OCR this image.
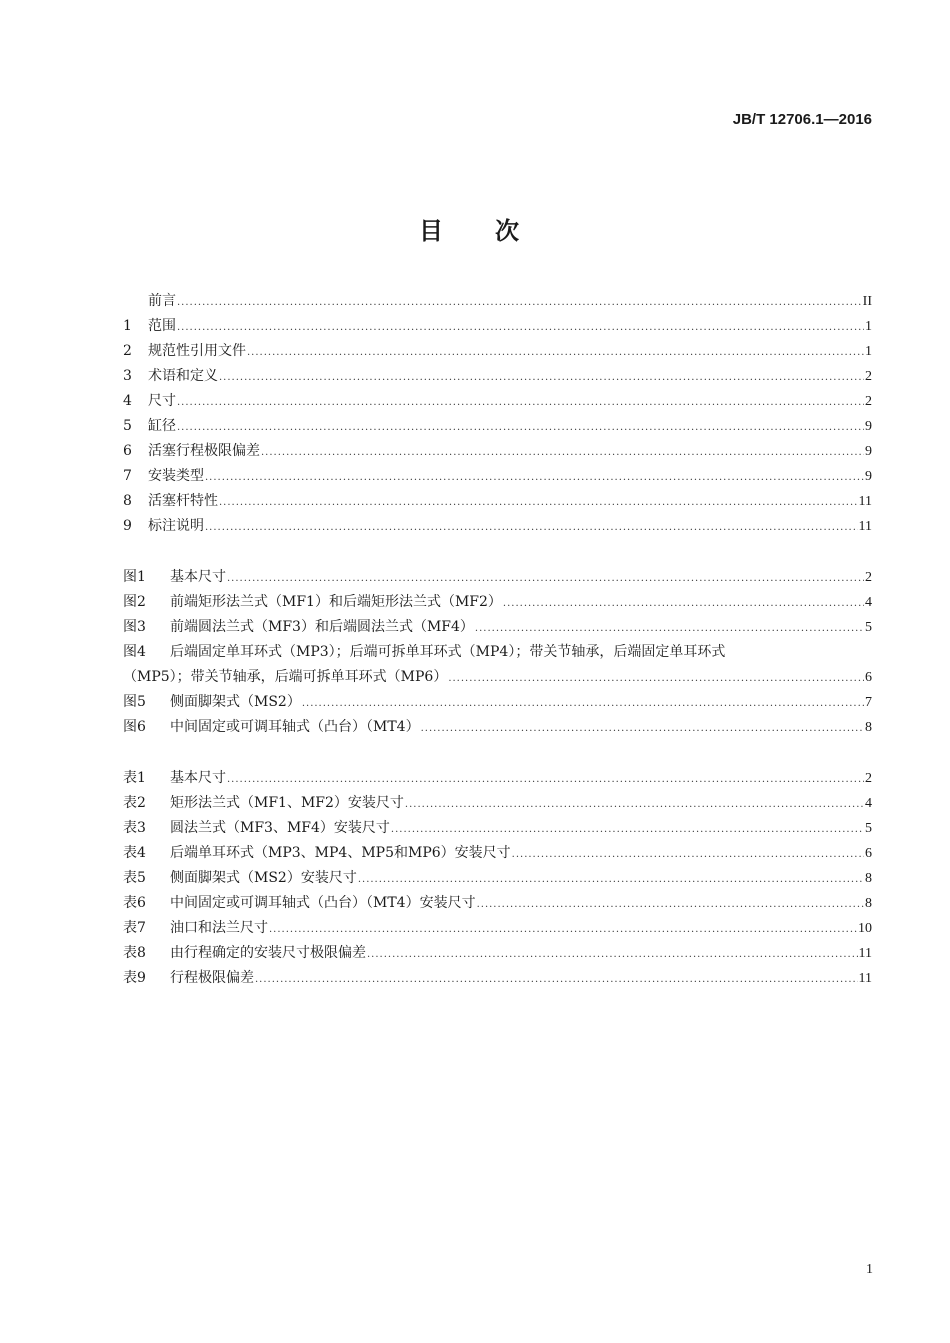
JB/T 12706.1—2016
目次
前言 .....	II
1	范围 .....	1
2	规范性引用文件 .....	1
3	术语和定义 .....	2
4	尺寸 .....	2
5	缸径 .....	9
6	活塞行程极限偏差 .....	9
7	安装类型 .....	9
8	活塞杆特性 .....	11
9	标注说明 .....	11
图1	基本尺寸 .....	2
图2	前端矩形法兰式（MF1）和后端矩形法兰式（MF2） .....	4
图3	前端圆法兰式（MF3）和后端圆法兰式（MF4） .....	5
图4	后端固定单耳环式（MP3）；后端可拆单耳环式（MP4）；带关节轴承，后端固定单耳环式
（MP5）；带关节轴承，后端可拆单耳环式（MP6） .....	6
图5	侧面脚架式（MS2） .....	7
图6	中间固定或可调耳轴式（凸台）（MT4） .....	8
表1	基本尺寸 .....	2
表2	矩形法兰式（MF1、MF2）安装尺寸 .....	4
表3	圆法兰式（MF3、MF4）安装尺寸 .....	5
表4	后端单耳环式（MP3、MP4、MP5和MP6）安装尺寸 .....	6
表5	侧面脚架式（MS2）安装尺寸 .....	8
表6	中间固定或可调耳轴式（凸台）（MT4）安装尺寸 .....	8
表7	油口和法兰尺寸 .....	10
表8	由行程确定的安装尺寸极限偏差 .....	11
表9	行程极限偏差 .....	11
1
